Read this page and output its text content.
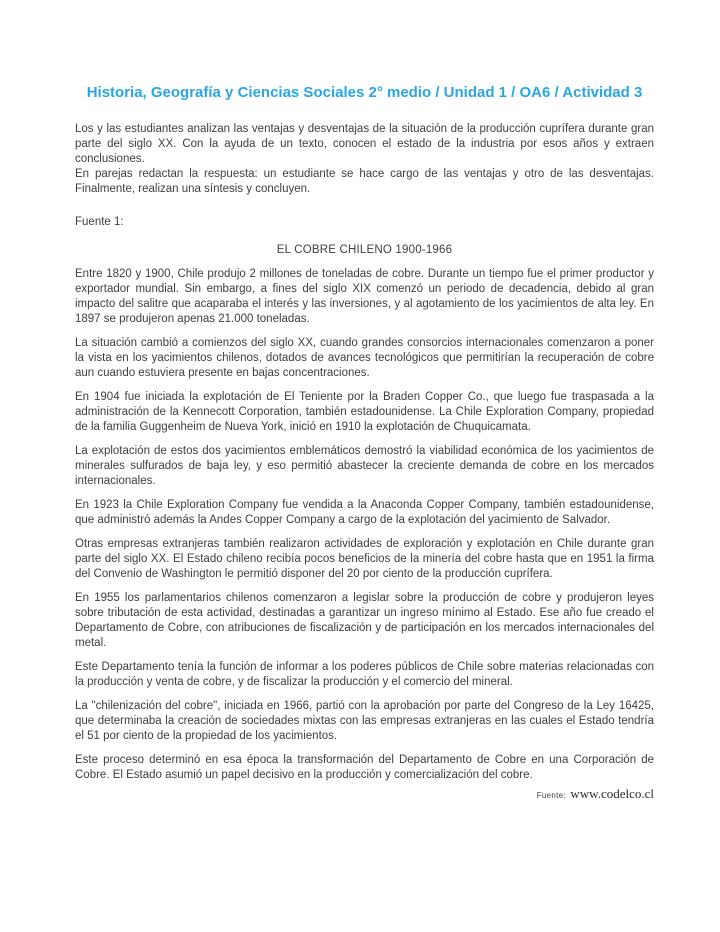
Historia, Geografía y Ciencias Sociales 2° medio / Unidad 1 / OA6 / Actividad 3

Los y las estudiantes analizan las ventajas y desventajas de la situación de la producción cuprífera durante gran parte del siglo XX. Con la ayuda de un texto, conocen el estado de la industria por esos años y extraen conclusiones.

En parejas redactan la respuesta: un estudiante se hace cargo de las ventajas y otro de las desventajas. Finalmente, realizan una síntesis y concluyen.

Fuente 1:

EL COBRE CHILENO 1900-1966

Entre 1820 y 1900, Chile produjo 2 millones de toneladas de cobre. Durante un tiempo fue el primer productor y exportador mundial. Sin embargo, a fines del siglo XIX comenzó un periodo de decadencia, debido al gran impacto del salitre que acaparaba el interés y las inversiones, y al agotamiento de los yacimientos de alta ley. En 1897 se produjeron apenas 21.000 toneladas.

La situación cambió a comienzos del siglo XX, cuando grandes consorcios internacionales comenzaron a poner la vista en los yacimientos chilenos, dotados de avances tecnológicos que permitirían la recuperación de cobre aun cuando estuviera presente en bajas concentraciones.

En 1904 fue iniciada la explotación de El Teniente por la Braden Copper Co., que luego fue traspasada a la administración de la Kennecott Corporation, también estadounidense. La Chile Exploration Company, propiedad de la familia Guggenheim de Nueva York, inició en 1910 la explotación de Chuquicamata.

La explotación de estos dos yacimientos emblemáticos demostró la viabilidad económica de los yacimientos de minerales sulfurados de baja ley, y eso permitió abastecer la creciente demanda de cobre en los mercados internacionales.

En 1923 la Chile Exploration Company fue vendida a la Anaconda Copper Company, también estadounidense, que administró además la Andes Copper Company a cargo de la explotación del yacimiento de Salvador.

Otras empresas extranjeras también realizaron actividades de exploración y explotación en Chile durante gran parte del siglo XX. El Estado chileno recibía pocos beneficios de la minería del cobre hasta que en 1951 la firma del Convenio de Washington le permitió disponer del 20 por ciento de la producción cuprífera.

En 1955 los parlamentarios chilenos comenzaron a legislar sobre la producción de cobre y produjeron leyes sobre tributación de esta actividad, destinadas a garantizar un ingreso mínimo al Estado. Ese año fue creado el Departamento de Cobre, con atribuciones de fiscalización y de participación en los mercados internacionales del metal.

Este Departamento tenía la función de informar a los poderes públicos de Chile sobre materias relacionadas con la producción y venta de cobre, y de fiscalizar la producción y el comercio del mineral.

La "chilenización del cobre", iniciada en 1966, partió con la aprobación por parte del Congreso de la Ley 16425, que determinaba la creación de sociedades mixtas con las empresas extranjeras en las cuales el Estado tendría el 51 por ciento de la propiedad de los yacimientos.

Este proceso determinó en esa época la transformación del Departamento de Cobre en una Corporación de Cobre. El Estado asumió un papel decisivo en la producción y comercialización del cobre.

Fuente: www.codelco.cl
